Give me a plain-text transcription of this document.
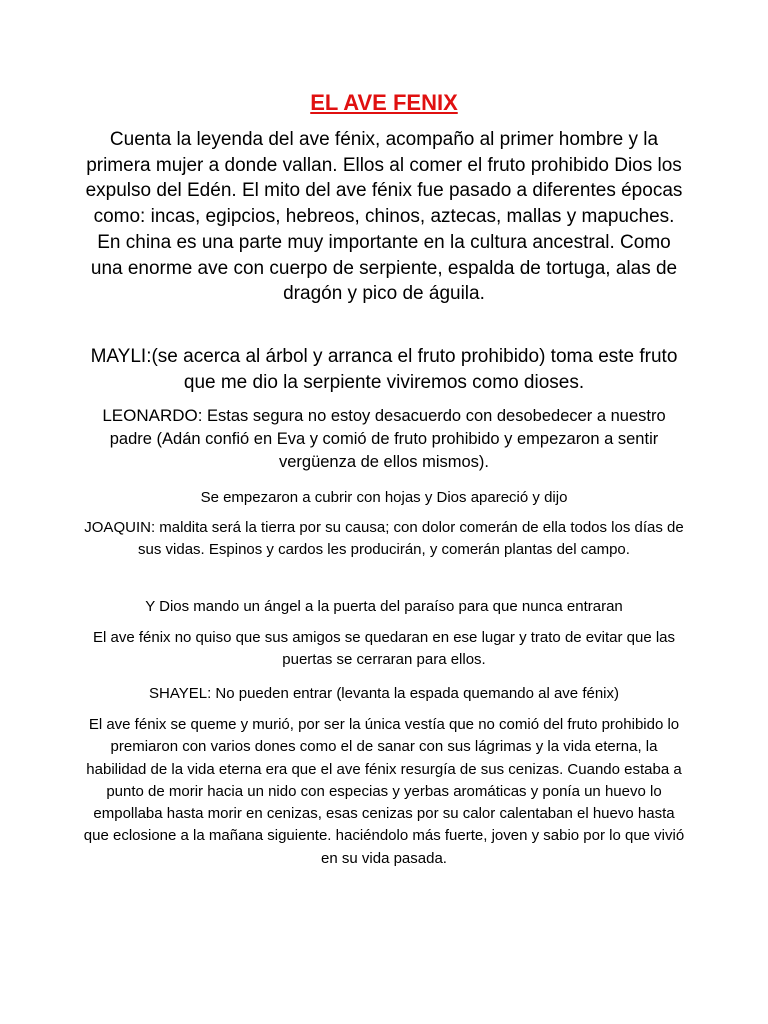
EL AVE FENIX

Cuenta la leyenda del ave fénix, acompaño al primer hombre y la primera mujer a donde vallan. Ellos al comer el fruto prohibido Dios los expulso del Edén. El mito del ave fénix fue pasado a diferentes épocas como: incas, egipcios, hebreos, chinos, aztecas, mallas y mapuches. En china es una parte muy importante en la cultura ancestral. Como una enorme ave con cuerpo de serpiente, espalda de tortuga, alas de dragón y pico de águila.

MAYLI:(se acerca al árbol y arranca el fruto prohibido) toma este fruto que me dio la serpiente viviremos como dioses.

LEONARDO: Estas segura no estoy desacuerdo con desobedecer a nuestro padre (Adán confió en Eva y comió de fruto prohibido y empezaron a sentir vergüenza de ellos mismos).

Se empezaron a cubrir con hojas y Dios apareció y dijo

JOAQUIN: maldita será la tierra por su causa; con dolor comerán de ella todos los días de sus vidas. Espinos y cardos les producirán, y comerán plantas del campo.

Y Dios mando un ángel a la puerta del paraíso para que nunca entraran

El ave fénix no quiso que sus amigos se quedaran en ese lugar y trato de evitar que las puertas se cerraran para ellos.

SHAYEL: No pueden entrar (levanta la espada quemando al ave fénix)

El ave fénix se queme y murió, por ser la única vestía que no comió del fruto prohibido lo premiaron con varios dones como el de sanar con sus lágrimas y la vida eterna, la habilidad de la vida eterna era que el ave fénix resurgía de sus cenizas. Cuando estaba a punto de morir hacia un nido con especias y yerbas aromáticas y ponía un huevo lo empollaba hasta morir en cenizas, esas cenizas por su calor calentaban el huevo hasta que eclosione a la mañana siguiente. haciéndolo más fuerte, joven y sabio por lo que vivió en su vida pasada.
